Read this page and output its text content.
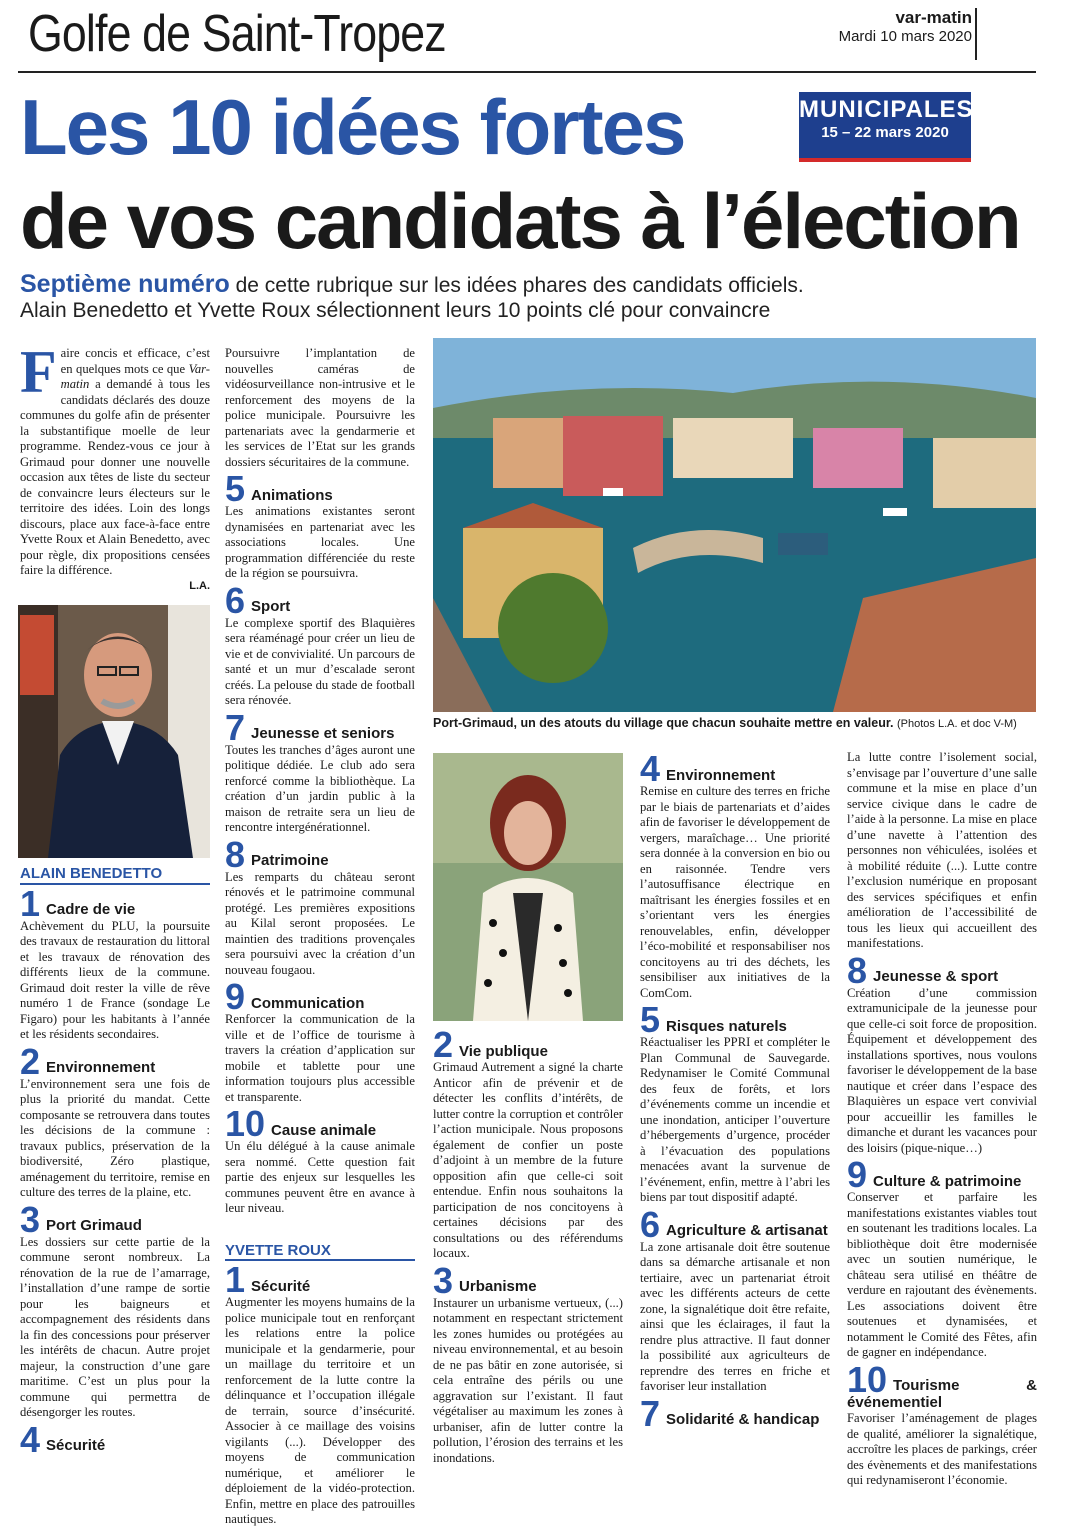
Golfe de Saint-Tropez	var-matin
Mardi 10 mars 2020
MUNICIPALES
15 – 22 mars 2020
Les 10 idées fortes
de vos candidats à l’élection
Septième numéro de cette rubrique sur les idées phares des candidats officiels.
Alain Benedetto et Yvette Roux sélectionnent leurs 10 points clé pour convaincre

Faire concis et efficace, c’est en quelques mots ce que Var-matin a demandé à tous les candidats déclarés des douze communes du golfe afin de présenter la substantifique moelle de leur programme. Rendez-vous ce jour à Grimaud pour donner une nouvelle occasion aux têtes de liste du secteur de convaincre leurs électeurs sur le territoire des idées. Loin des longs discours, place aux face-à-face entre Yvette Roux et Alain Benedetto, avec pour règle, dix propositions censées faire la différence.

L.A.
ALAIN BENEDETTO
1 Cadre de vie

Achèvement du PLU, la poursuite des travaux de restauration du littoral et les travaux de rénovation des différents lieux de la commune. Grimaud doit rester la ville de rêve numéro 1 de France (sondage Le Figaro) pour les habitants à l’année et les résidents secondaires.

2 Environnement

L’environnement sera une fois de plus la priorité du mandat. Cette composante se retrouvera dans toutes les décisions de la commune : travaux publics, préservation de la biodiversité, Zéro plastique, aménagement du territoire, remise en culture des terres de la plaine, etc.

3 Port Grimaud

Les dossiers sur cette partie de la commune seront nombreux. La rénovation de la rue de l’amarrage, l’installation d’une rampe de sortie pour les baigneurs et accompagnement des résidents dans la fin des concessions pour préserver les intérêts de chacun. Autre projet majeur, la construction d’une gare maritime. C’est un plus pour la commune qui permettra de désengorger les routes.

4 Sécurité

Poursuivre l’implantation de nouvelles caméras de vidéosurveillance non-intrusive et le renforcement des moyens de la police municipale. Poursuivre les partenariats avec la gendarmerie et les services de l’Etat sur les grands dossiers sécuritaires de la commune.

5 Animations

Les animations existantes seront dynamisées en partenariat avec les associations locales. Une programmation différenciée du reste de la région se poursuivra.

6 Sport

Le complexe sportif des Blaquières sera réaménagé pour créer un lieu de vie et de convivialité. Un parcours de santé et un mur d’escalade seront créés. La pelouse du stade de football sera rénovée.

7 Jeunesse et seniors

Toutes les tranches d’âges auront une politique dédiée. Le club ado sera renforcé comme la bibliothèque. La création d’un jardin public à la maison de retraite sera un lieu de rencontre intergénérationnel.

8 Patrimoine

Les remparts du château seront rénovés et le patrimoine communal protégé. Les premières expositions au Kilal seront proposées. Le maintien des traditions provençales sera poursuivi avec la création d’un nouveau fougaou.

9 Communication

Renforcer la communication de la ville et de l’office de tourisme à travers la création d’application sur mobile et tablette pour une information toujours plus accessible et transparente.

10 Cause animale

Un élu délégué à la cause animale sera nommé. Cette question fait partie des enjeux sur lesquelles les communes peuvent être en avance à leur niveau.

YVETTE ROUX
1 Sécurité

Augmenter les moyens humains de la police municipale tout en renforçant les relations entre la police municipale et la gendarmerie, pour un maillage du territoire et un renforcement de la lutte contre la délinquance et l’occupation illégale de terrain, source d’insécurité. Associer à ce maillage des voisins vigilants (...). Développer des moyens de communication numérique, et améliorer le déploiement de la vidéo-protection. Enfin, mettre en place des patrouilles nautiques.

Port-Grimaud, un des atouts du village que chacun souhaite mettre en valeur. (Photos L.A. et doc V-M)
2 Vie publique

Grimaud Autrement a signé la charte Anticor afin de prévenir et de détecter les conflits d’intérêts, de lutter contre la corruption et contrôler l’action municipale. Nous proposons également de confier un poste d’adjoint à un membre de la future opposition afin que celle-ci soit entendue. Enfin nous souhaitons la participation de nos concitoyens à certaines décisions par des consultations ou des référendums locaux.

3 Urbanisme

Instaurer un urbanisme vertueux, (...) notamment en respectant strictement les zones humides ou protégées au niveau environnemental, et au besoin de ne pas bâtir en zone autorisée, si cela entraîne des périls ou une aggravation sur l’existant. Il faut végétaliser au maximum les zones à urbaniser, afin de lutter contre la pollution, l’érosion des terrains et les inondations.

4 Environnement

Remise en culture des terres en friche par le biais de partenariats et d’aides afin de favoriser le développement de vergers, maraîchage… Une priorité sera donnée à la conversion en bio ou en raisonnée. Tendre vers l’autosuffisance électrique en maîtrisant les énergies fossiles et en s’orientant vers les énergies renouvelables, enfin, développer l’éco-mobilité et responsabiliser nos concitoyens au tri des déchets, les sensibiliser aux initiatives de la ComCom.

5 Risques naturels

Réactualiser les PPRI et compléter le Plan Communal de Sauvegarde. Redynamiser le Comité Communal des feux de forêts, et lors d’événements comme un incendie et une inondation, anticiper l’ouverture d’hébergements d’urgence, procéder à l’évacuation des populations menacées avant la survenue de l’événement, enfin, mettre à l’abri les biens par tout dispositif adapté.

6 Agriculture & artisanat

La zone artisanale doit être soutenue dans sa démarche artisanale et non tertiaire, avec un partenariat étroit avec les différents acteurs de cette zone, la signalétique doit être refaite, ainsi que les éclairages, il faut la rendre plus attractive. Il faut donner la possibilité aux agriculteurs de reprendre des terres en friche et favoriser leur installation

7 Solidarité & handicap

La lutte contre l’isolement social, s’envisage par l’ouverture d’une salle commune et la mise en place d’un service civique dans le cadre de l’aide à la personne. La mise en place d’une navette à l’attention des personnes non véhiculées, isolées et à mobilité réduite (...). Lutte contre l’exclusion numérique en proposant des services spécifiques et enfin amélioration de l’accessibilité de tous les lieux qui accueillent des manifestations.

8 Jeunesse & sport

Création d’une commission extramunicipale de la jeunesse pour que celle-ci soit force de proposition. Équipement et développement des installations sportives, nous voulons favoriser le développement de la base nautique et créer dans l’espace des Blaquières un espace vert convivial pour accueillir les familles le dimanche et durant les vacances pour des loisirs (pique-nique…)

9 Culture & patrimoine

Conserver et parfaire les manifestations existantes viables tout en soutenant les traditions locales. La bibliothèque doit être modernisée avec un soutien numérique, le château sera utilisé en théâtre de verdure en rajoutant des évènements. Les associations doivent être soutenues et dynamisées, et notamment le Comité des Fêtes, afin de gagner en indépendance.

10 Tourisme & événementiel

Favoriser l’aménagement de plages de qualité, améliorer la signalétique, accroître les places de parkings, créer des évènements et des manifestations qui redynamiseront l’économie.
